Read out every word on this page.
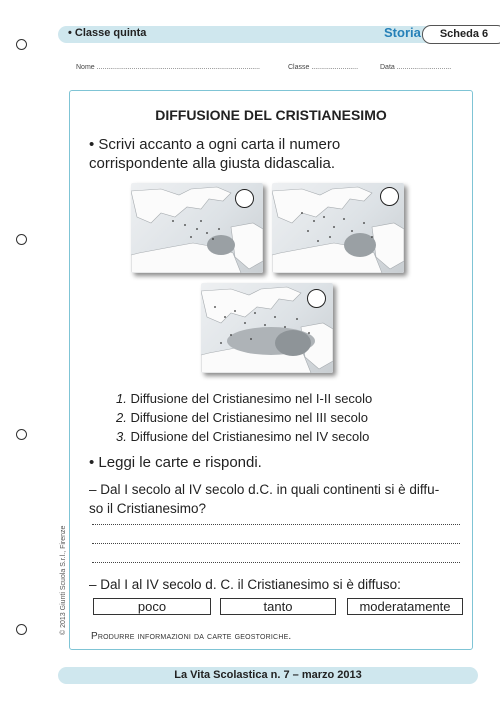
• Classe quinta	Storia	Scheda 6
Nome ....................................................................................	Classe ........................	Data ............................
© 2013 Giunti Scuola S.r.l., Firenze
DIFFUSIONE DEL CRISTIANESIMO
• Scrivi accanto a ogni carta il numero
corrispondente alla giusta didascalia.
1. Diffusione del Cristianesimo nel I-II secolo
2. Diffusione del Cristianesimo nel III secolo
3. Diffusione del Cristianesimo nel IV secolo
• Leggi le carte e rispondi.
– Dal I secolo al IV secolo d.C. in quali continenti si è diffu-
so il Cristianesimo?
– Dal I al IV secolo d. C. il Cristianesimo si è diffuso:
poco	tanto	moderatamente
Produrre informazioni da carte geostoriche.
La Vita Scolastica n. 7 – marzo 2013
